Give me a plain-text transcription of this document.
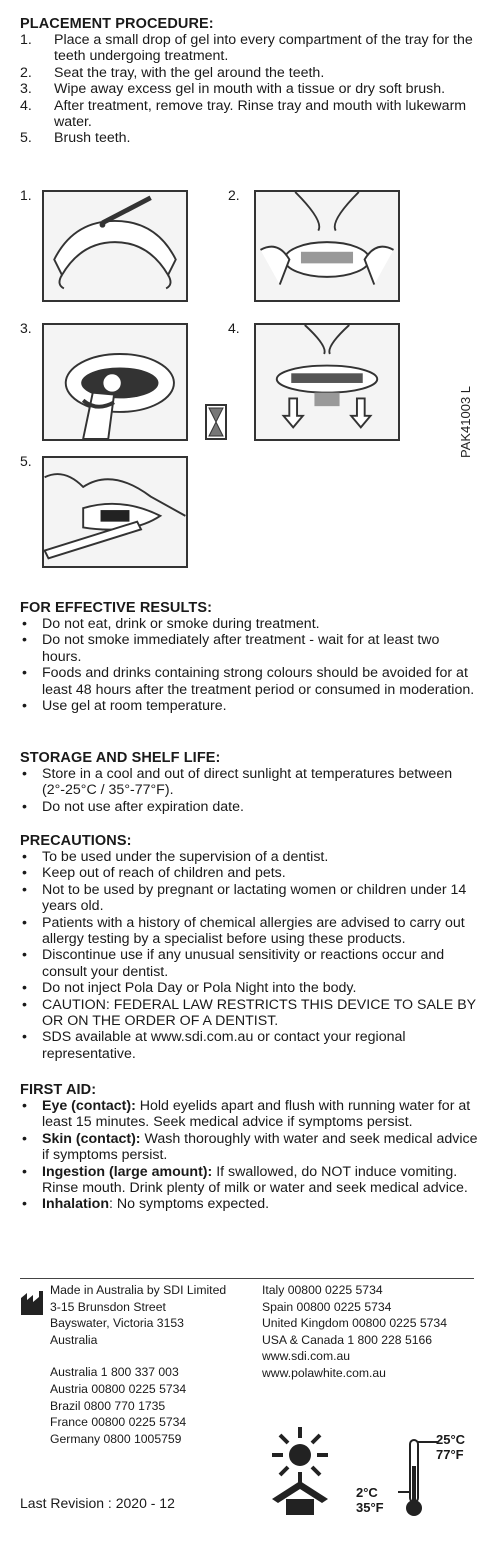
PLACEMENT PROCEDURE:
1. Place a small drop of gel into every compartment of the tray for the teeth undergoing treatment.
2. Seat the tray, with the gel around the teeth.
3. Wipe away excess gel in mouth with a tissue or dry soft brush.
4. After treatment, remove tray. Rinse tray and mouth with lukewarm water.
5. Brush teeth.
1.	2.
3.	4.
PAK41003 L
5.
FOR EFFECTIVE RESULTS:
• Do not eat, drink or smoke during treatment.
• Do not smoke immediately after treatment - wait for at least two hours.
• Foods and drinks containing strong colours should be avoided for at least 48 hours after the treatment period or consumed in moderation.
• Use gel at room temperature.
STORAGE AND SHELF LIFE:
• Store in a cool and out of direct sunlight at temperatures between (2°-25°C / 35°-77°F).
• Do not use after expiration date.
PRECAUTIONS:
• To be used under the supervision of a dentist.
• Keep out of reach of children and pets.
• Not to be used by pregnant or lactating women or children under 14 years old.
• Patients with a history of chemical allergies are advised to carry out allergy testing by a specialist before using these products.
• Discontinue use if any unusual sensitivity or reactions occur and consult your dentist.
• Do not inject Pola Day or Pola Night into the body.
• CAUTION: FEDERAL LAW RESTRICTS THIS DEVICE TO SALE BY OR ON THE ORDER OF A DENTIST.
• SDS available at www.sdi.com.au or contact your regional representative.
FIRST AID:
• Eye (contact): Hold eyelids apart and flush with running water for at least 15 minutes. Seek medical advice if symptoms persist.
• Skin (contact): Wash thoroughly with water and seek medical advice if symptoms persist.
• Ingestion (large amount): If swallowed, do NOT induce vomiting. Rinse mouth. Drink plenty of milk or water and seek medical advice.
• Inhalation: No symptoms expected.
Made in Australia by SDI Limited
3-15 Brunsdon Street
Bayswater, Victoria 3153
Australia
Australia 1 800 337 003
Austria 00800 0225 5734
Brazil 0800 770 1735
France 00800 0225 5734
Germany 0800 1005759
Italy 00800 0225 5734
Spain 00800 0225 5734
United Kingdom 00800 0225 5734
USA & Canada 1 800 228 5166
www.sdi.com.au
www.polawhite.com.au
25°C
77°F
2°C
35°F
Last Revision : 2020 - 12
